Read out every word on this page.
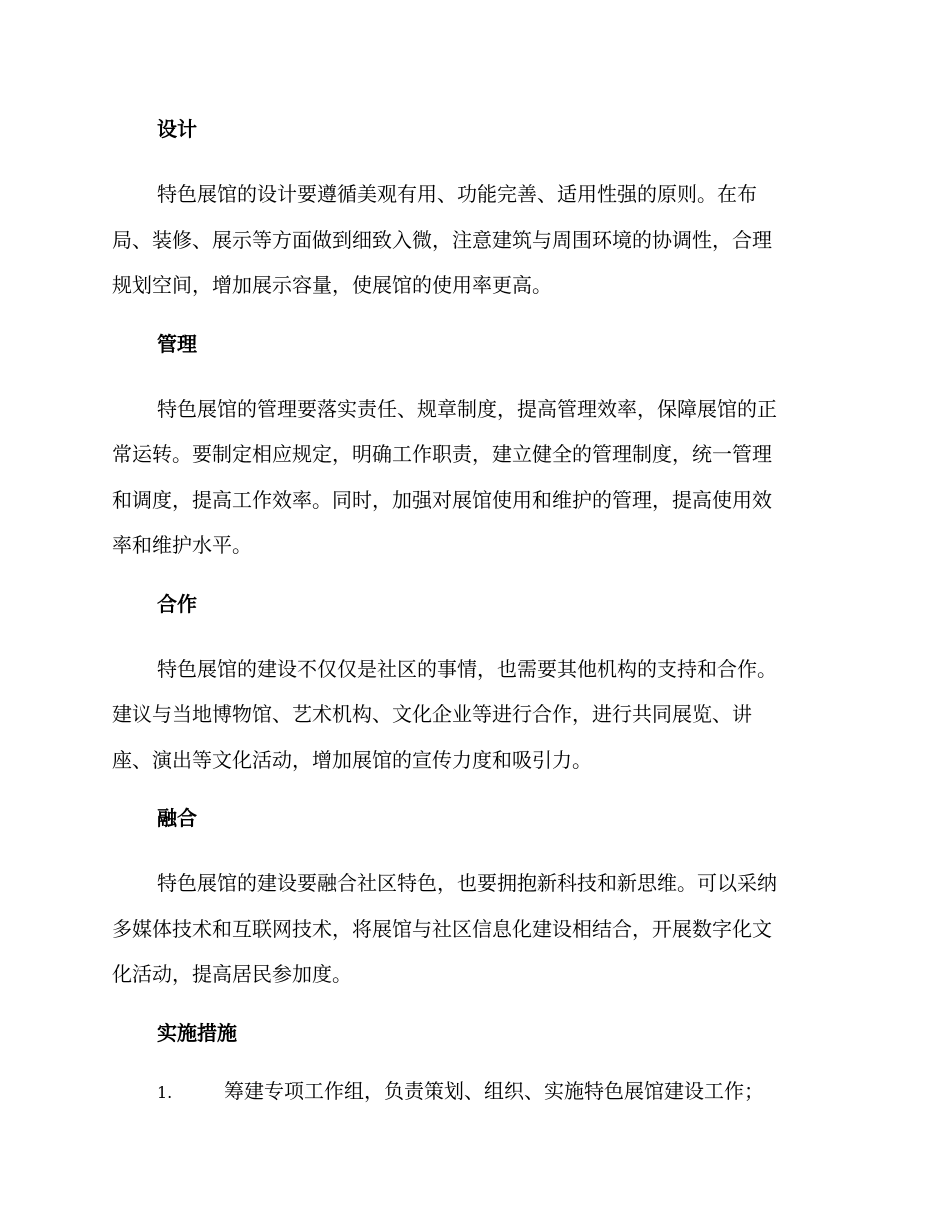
设计

特色展馆的设计要遵循美观有用、功能完善、适用性强的原则。在布
局、装修、展示等方面做到细致入微，注意建筑与周围环境的协调性，合理
规划空间，增加展示容量，使展馆的使用率更高。

管理

特色展馆的管理要落实责任、规章制度，提高管理效率，保障展馆的正
常运转。要制定相应规定，明确工作职责，建立健全的管理制度，统一管理
和调度，提高工作效率。同时，加强对展馆使用和维护的管理，提高使用效
率和维护水平。

合作

特色展馆的建设不仅仅是社区的事情，也需要其他机构的支持和合作。
建议与当地博物馆、艺术机构、文化企业等进行合作，进行共同展览、讲
座、演出等文化活动，增加展馆的宣传力度和吸引力。

融合

特色展馆的建设要融合社区特色，也要拥抱新科技和新思维。可以采纳
多媒体技术和互联网技术，将展馆与社区信息化建设相结合，开展数字化文
化活动，提高居民参加度。

实施措施
1.	筹建专项工作组，负责策划、组织、实施特色展馆建设工作；
